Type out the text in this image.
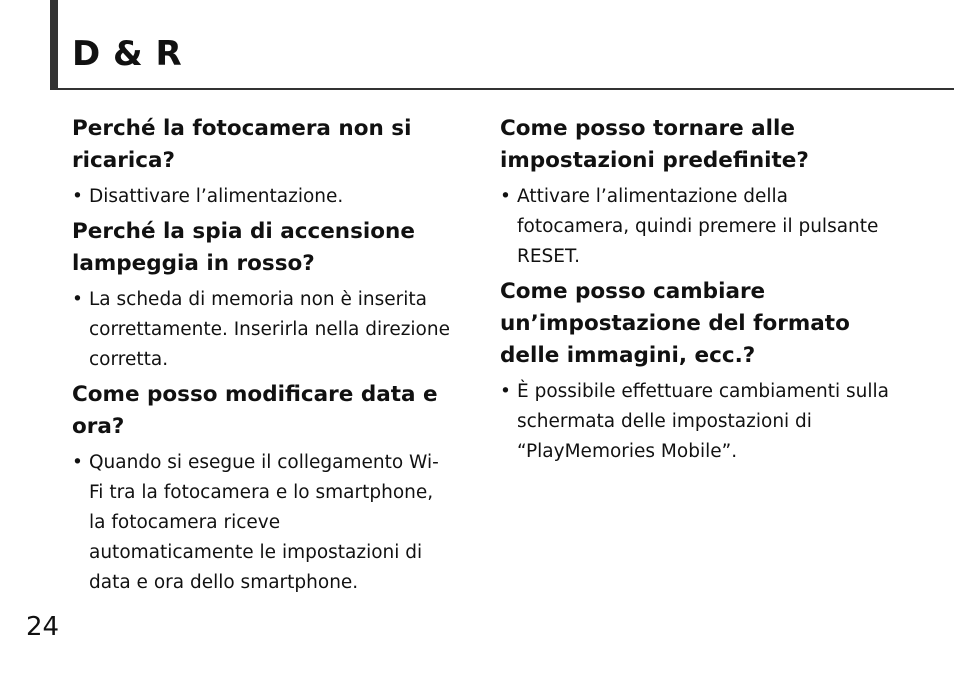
D & R

Perché la fotocamera non si ricarica?

• Disattivare l’alimentazione.

Perché la spia di accensione lampeggia in rosso?

• La scheda di memoria non è inserita correttamente. Inserirla nella direzione corretta.

Come posso modificare data e ora?

• Quando si esegue il collegamento Wi-Fi tra la fotocamera e lo smartphone, la fotocamera riceve automaticamente le impostazioni di data e ora dello smartphone.

Come posso tornare alle impostazioni predefinite?

• Attivare l’alimentazione della fotocamera, quindi premere il pulsante RESET.

Come posso cambiare un’impostazione del formato delle immagini, ecc.?

• È possibile effettuare cambiamenti sulla schermata delle impostazioni di “PlayMemories Mobile”.

24
